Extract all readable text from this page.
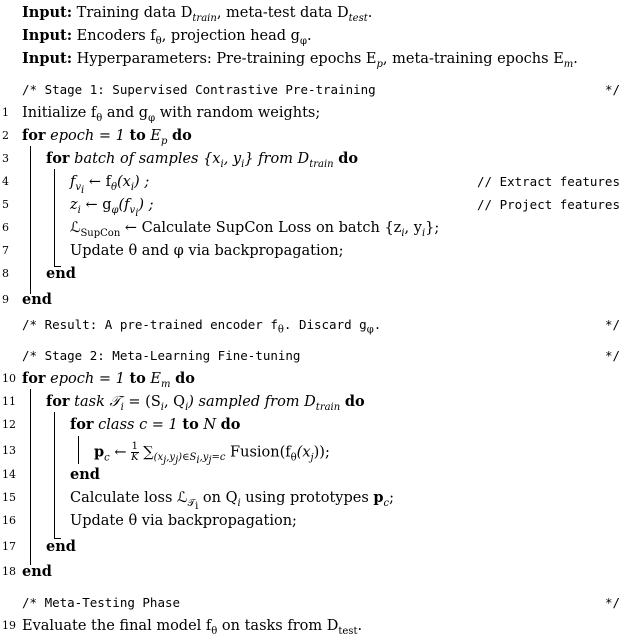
Input: Training data $D_{train}$, meta-test data $D_{test}$.
Input: Encoders $f_\theta$, projection head $g_\varphi$.
Input: Hyperparameters: Pre-training epochs $E_p$, meta-training epochs $E_m$.
/* Stage 1: Supervised Contrastive Pre-training	*/
1 Initialize $f_\theta$ and $g_\varphi$ with random weights;
2 for epoch = 1 to $E_p$ do
3	for batch of samples {$x_i$, $y_i$} from $D_{train}$ do
4	$f_{v_i}$ ← $f_\theta(x_i)$ ;	// Extract features
5	$z_i$ ← $g_\varphi(f_{v_i})$ ;	// Project features
6	ℒ$_{SupCon}$ ← Calculate SupCon Loss on batch {$z_i$, $y_i$};
7	Update θ and φ via backpropagation;
8	end
9 end
/* Result: A pre-trained encoder $f_\theta$. Discard $g_\varphi$.	*/
/* Stage 2: Meta-Learning Fine-tuning	*/
10 for epoch = 1 to $E_m$ do
11 for task 𝒯$_i$ = ($S_i$, $Q_i$) sampled from $D_{train}$ do
12	for class c = 1 to N do
13	$p_c$ ← $\frac{1}{K} \sum_{(x_j,y_j)\in S_i,y_j=c}$ $Fusion(f_\theta(x_j))$;
14	end
15	Calculate loss ℒ$_{𝒯_i}$ on $Q_i$ using prototypes $p_c$;
16	Update θ via backpropagation;
17 end
18 end
/* Meta-Testing Phase	*/
19 Evaluate the final model $f_\theta$ on tasks from $D_{test}$.
